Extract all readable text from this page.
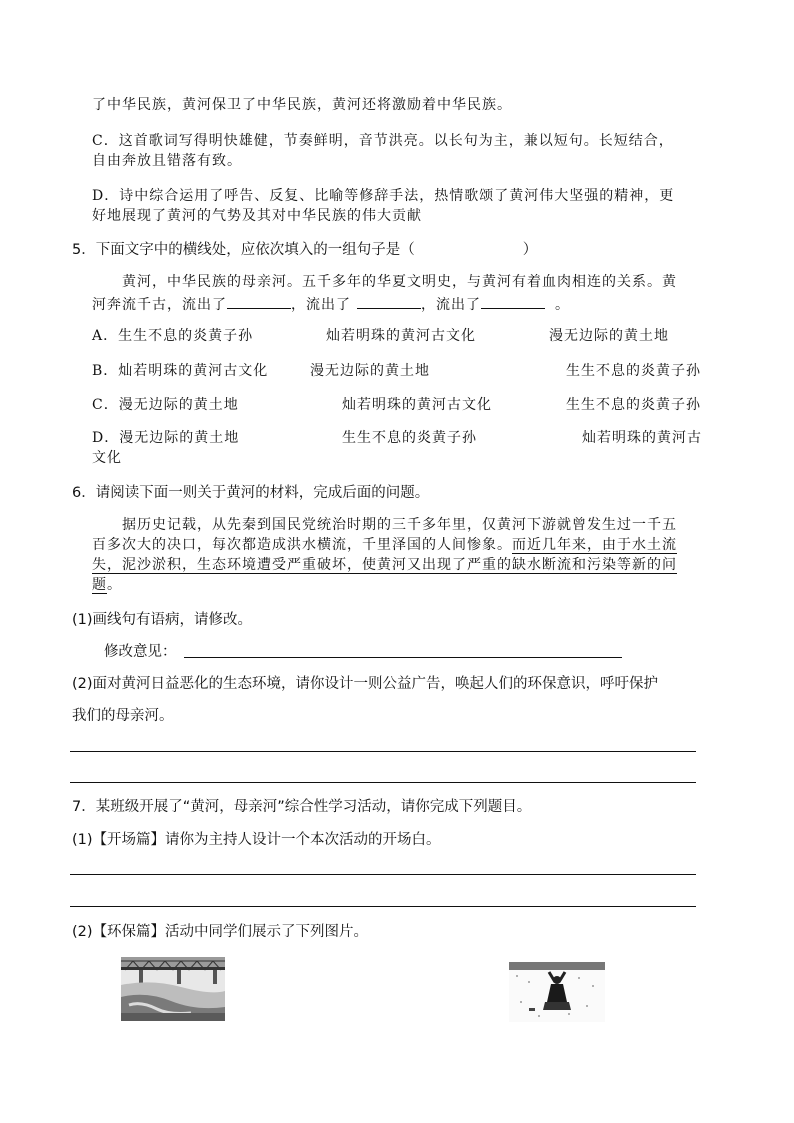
了中华民族，黄河保卫了中华民族，黄河还将激励着中华民族。
C．这首歌词写得明快雄健，节奏鲜明，音节洪亮。以长句为主，兼以短句。长短结合，
自由奔放且错落有致。
D．诗中综合运用了呼告、反复、比喻等修辞手法，热情歌颂了黄河伟大坚强的精神，更
好地展现了黄河的气势及其对中华民族的伟大贡献
5．下面文字中的横线处，应依次填入的一组句子是（	）
黄河，中华民族的母亲河。五千多年的华夏文明史，与黄河有着血肉相连的关系。黄
河奔流千古，流出了	，流出了	，流出了	。
A．生生不息的炎黄子孙	灿若明珠的黄河古文化	漫无边际的黄土地
B．灿若明珠的黄河古文化	漫无边际的黄土地	生生不息的炎黄子孙
C．漫无边际的黄土地	灿若明珠的黄河古文化	生生不息的炎黄子孙
D．漫无边际的黄土地	生生不息的炎黄子孙	灿若明珠的黄河古
文化
6．请阅读下面一则关于黄河的材料，完成后面的问题。
据历史记载，从先秦到国民党统治时期的三千多年里，仅黄河下游就曾发生过一千五
百多次大的决口，每次都造成洪水横流，千里泽国的人间惨象。而近几年来，由于水土流
失，泥沙淤积，生态环境遭受严重破坏，使黄河又出现了严重的缺水断流和污染等新的问
题。
(1)画线句有语病，请修改。
修改意见：
(2)面对黄河日益恶化的生态环境，请你设计一则公益广告，唤起人们的环保意识，呼吁保护
我们的母亲河。
7．某班级开展了“黄河，母亲河”综合性学习活动，请你完成下列题目。
(1)【开场篇】请你为主持人设计一个本次活动的开场白。
(2)【环保篇】活动中同学们展示了下列图片。
